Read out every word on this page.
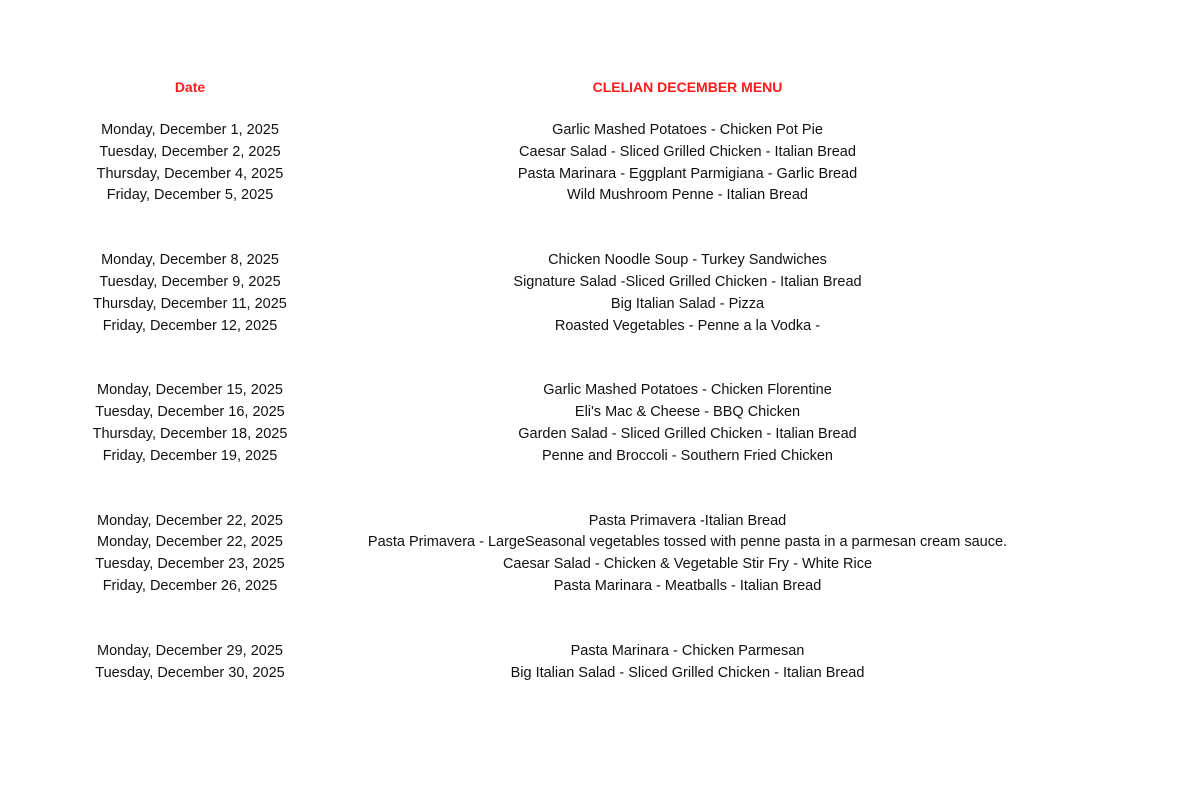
Date	CLELIAN DECEMBER MENU
Monday, December 1, 2025	Garlic Mashed Potatoes - Chicken Pot Pie
Tuesday, December 2, 2025	Caesar Salad - Sliced Grilled Chicken - Italian Bread
Thursday, December 4, 2025	Pasta Marinara - Eggplant Parmigiana - Garlic Bread
Friday, December 5, 2025	Wild Mushroom Penne - Italian Bread
Monday, December 8, 2025	Chicken Noodle Soup - Turkey Sandwiches
Tuesday, December 9, 2025	Signature Salad -Sliced Grilled Chicken - Italian Bread
Thursday, December 11, 2025	Big Italian Salad - Pizza
Friday, December 12, 2025	Roasted Vegetables - Penne a la Vodka -
Monday, December 15, 2025	Garlic Mashed Potatoes - Chicken Florentine
Tuesday, December 16, 2025	Eli's Mac & Cheese - BBQ Chicken
Thursday, December 18, 2025	Garden Salad - Sliced Grilled Chicken - Italian Bread
Friday, December 19, 2025	Penne and Broccoli - Southern Fried Chicken
Monday, December 22, 2025	Pasta Primavera -Italian Bread
Monday, December 22, 2025	Pasta Primavera - LargeSeasonal vegetables tossed with penne pasta in a parmesan cream sauce.
Tuesday, December 23, 2025	Caesar Salad - Chicken & Vegetable Stir Fry - White Rice
Friday, December 26, 2025	Pasta Marinara - Meatballs - Italian Bread
Monday, December 29, 2025	Pasta Marinara - Chicken Parmesan
Tuesday, December 30, 2025	Big Italian Salad - Sliced Grilled Chicken - Italian Bread
